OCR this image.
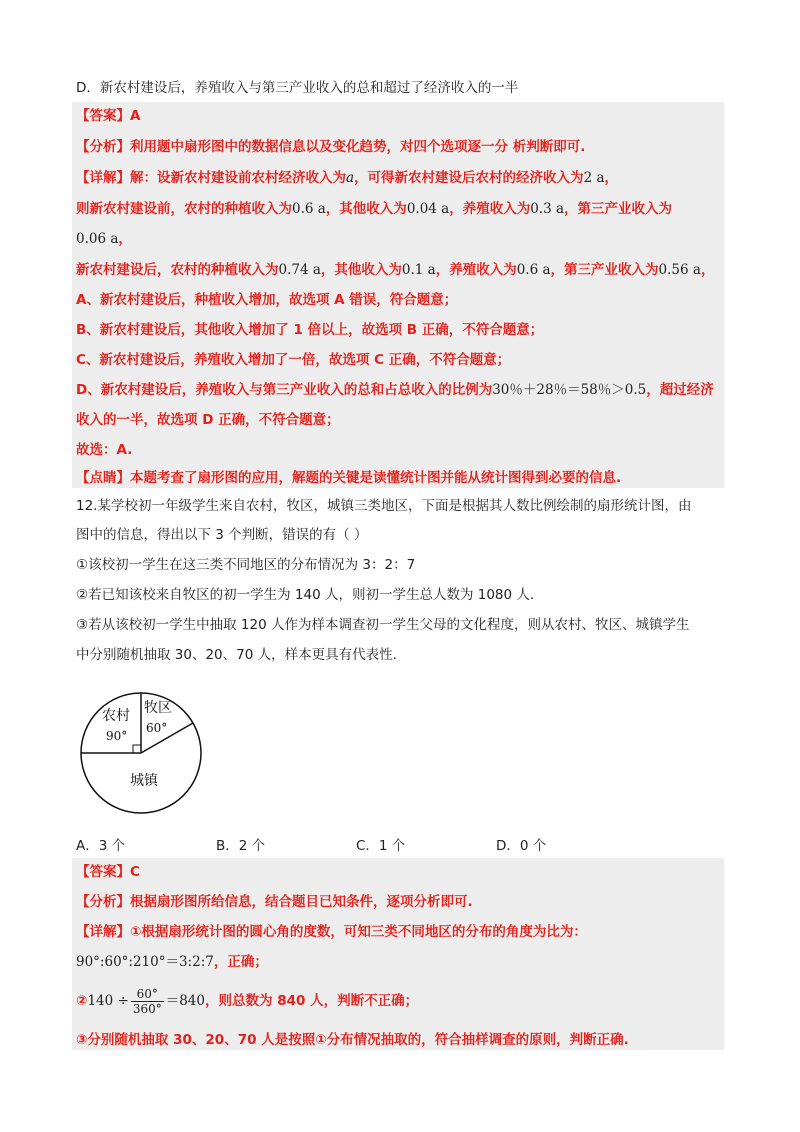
D．新农村建设后，养殖收入与第三产业收入的总和超过了经济收入的一半
【答案】A
【分析】利用题中扇形图中的数据信息以及变化趋势，对四个选项逐一分 析判断即可.
【详解】解：设新农村建设前农村经济收入为a，可得新农村建设后农村的经济收入为2 a，
则新农村建设前，农村的种植收入为0.6 a，其他收入为0.04 a，养殖收入为0.3 a，第三产业收入为
0.06 a，
新农村建设后，农村的种植收入为0.74 a，其他收入为0.1 a，养殖收入为0.6 a，第三产业收入为0.56 a，
A、新农村建设后，种植收入增加，故选项 A 错误，符合题意；
B、新农村建设后，其他收入增加了 1 倍以上，故选项 B 正确，不符合题意；
C、新农村建设后，养殖收入增加了一倍，故选项 C 正确，不符合题意；
D、新农村建设后，养殖收入与第三产业收入的总和占总收入的比例为30％＋28％＝58％＞0.5，超过经济
收入的一半，故选项 D 正确，不符合题意；
故选：A.
【点睛】本题考查了扇形图的应用，解题的关键是读懂统计图并能从统计图得到必要的信息.
12.某学校初一年级学生来自农村，牧区，城镇三类地区，下面是根据其人数比例绘制的扇形统计图，由
图中的信息，得出以下 3 个判断，错误的有（ ）
①该校初一学生在这三类不同地区的分布情况为 3：2：7
②若已知该校来自牧区的初一学生为 140 人，则初一学生总人数为 1080 人.
③若从该校初一学生中抽取 120 人作为样本调查初一学生父母的文化程度，则从农村、牧区、城镇学生
中分别随机抽取 30、20、70 人，样本更具有代表性.
农村
90°
牧区
60°
城镇
A．3 个	B．2 个	C．1 个	D．0 个
【答案】C
【分析】根据扇形图所给信息，结合题目已知条件，逐项分析即可.
【详解】①根据扇形统计图的圆心角的度数，可知三类不同地区的分布的角度为比为：
90°:60°:210°＝3:2:7，正确；
②140 ÷ $\frac{60^\circ}{360^\circ} =840$，则总数为 840 人，判断不正确；
③分别随机抽取 30、20、70 人是按照①分布情况抽取的，符合抽样调查的原则，判断正确.
